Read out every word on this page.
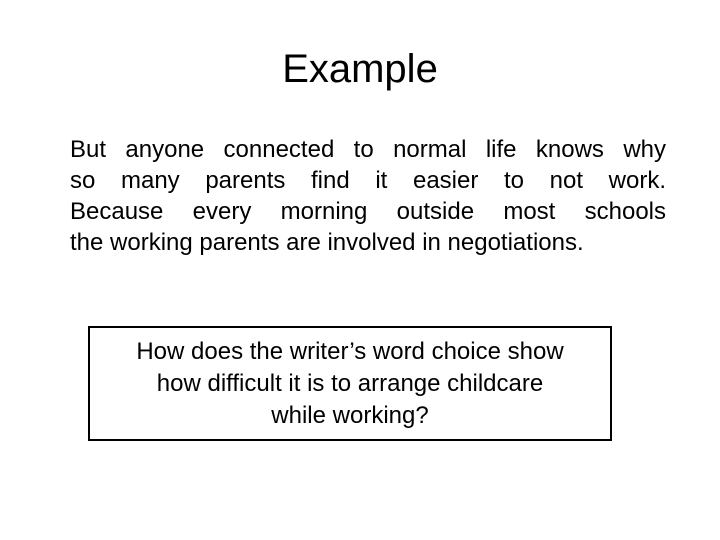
Example
But anyone connected to normal life knows why
so many parents find it easier to not work.
Because every morning outside most schools
the working parents are involved in negotiations.
How does the writer’s word choice show
how difficult it is to arrange childcare
while working?
